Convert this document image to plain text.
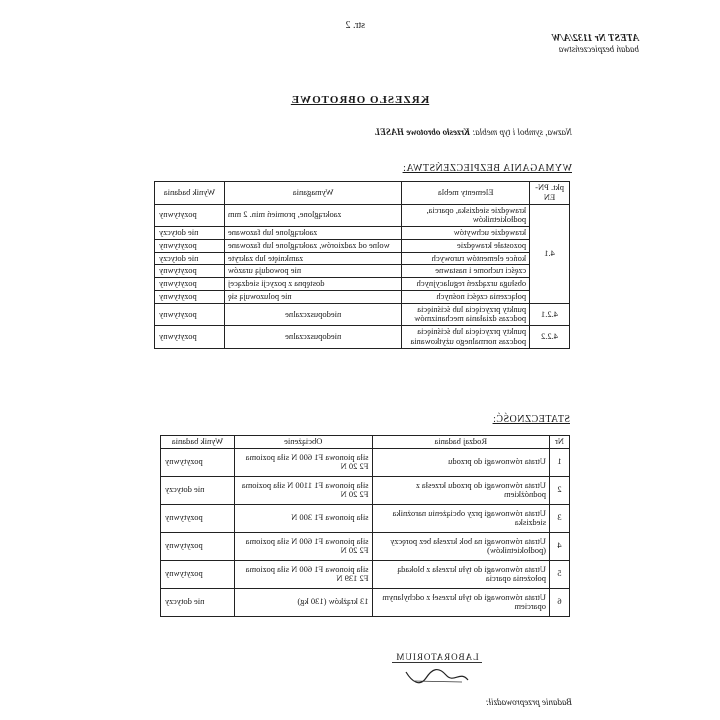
str. 2
ATEST Nr 1132/A/W
badań bezpieczeństwa
KRZESŁO OBROTOWE
Nazwa, symbol i typ mebla: Krzesło obrotowe HASEL
WYMAGANIA BEZPIECZEŃSTWA:
pkt. PN-EN	Elementy mebla	Wymagania	Wynik badania
4.1	krawędzie siedziska, oparcia, podłokietników	zaokrąglone, promień min. 2 mm	pozytywny
	krawędzie uchwytów	zaokrąglone lub fazowane	nie dotyczy
	pozostałe krawędzie	wolne od zadziorów, zaokrąglone lub fazowane	pozytywny
	końce elementów rurowych	zamknięte lub zakryte	nie dotyczy
	części ruchome i nastawne	nie powodują urazów	pozytywny
	obsługa urządzeń regulacyjnych	dostępna z pozycji siedzącej	pozytywny
	połączenia części nośnych	nie poluzowują się	pozytywny
4.2.1	punkty przycięcia lub ściśnięcia podczas działania mechanizmów	niedopuszczalne	pozytywny
4.2.2	punkty przycięcia lub ściśnięcia podczas normalnego użytkowania	niedopuszczalne	pozytywny
STATECZNOŚĆ:
Nr	Rodzaj badania	Obciążenie	Wynik badania
1	Utrata równowagi do przodu	siła pionowa F1 600 N siła pozioma F2 20 N	pozytywny
2	Utrata równowagi do przodu krzesła z podnóżkiem	siła pionowa F1 1100 N siła pozioma F2 20 N	nie dotyczy
3	Utrata równowagi przy obciążeniu narożnika siedziska	siła pionowa F1 300 N	pozytywny
4	Utrata równowagi na bok krzesła bez poręczy (podłokietników)	siła pionowa F1 600 N siła pozioma F2 20 N	pozytywny
5	Utrata równowagi do tyłu krzesła z blokadą położenia oparcia	siła pionowa F1 600 N siła pozioma F2 139 N	pozytywny
6	Utrata równowagi do tyłu krzeseł z odchylanym oparciem	13 krążków (130 kg)	nie dotyczy
LABORATORIUM
Badanie przeprowadził:
